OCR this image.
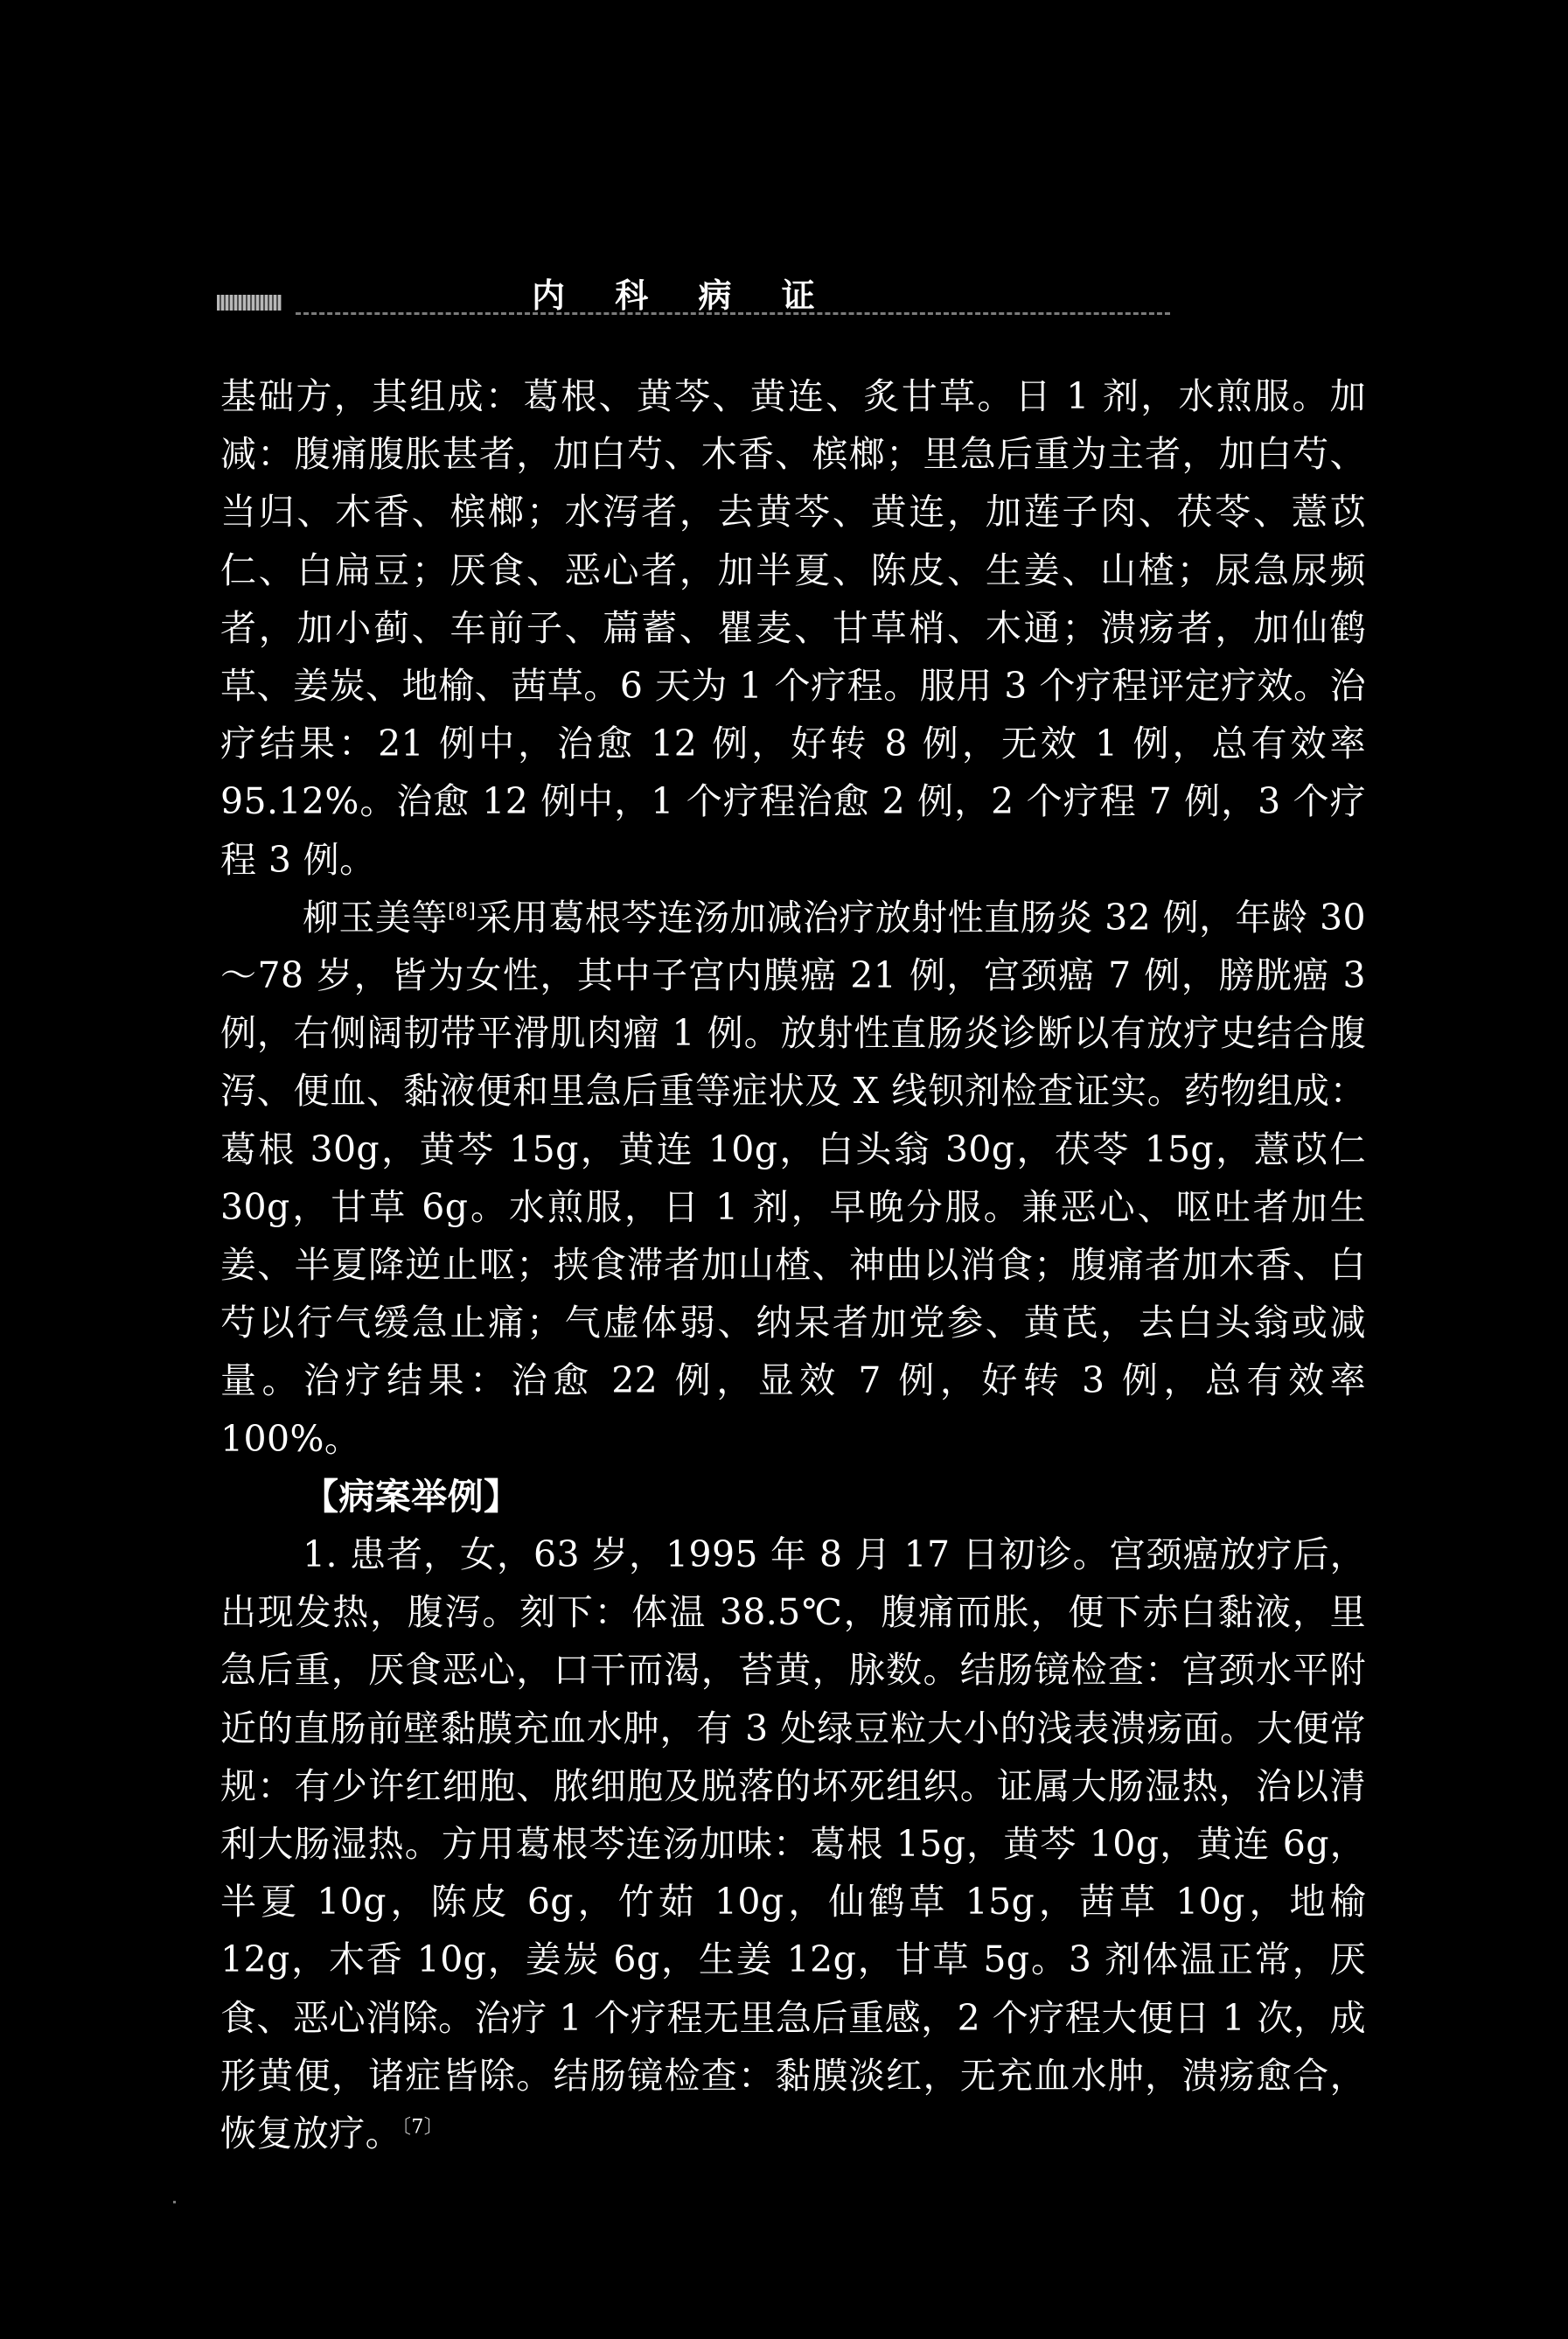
内 科 病 证

基础方，其组成：葛根、黄芩、黄连、炙甘草。日 1 剂，水煎服。加减：腹痛腹胀甚者，加白芍、木香、槟榔；里急后重为主者，加白芍、当归、木香、槟榔；水泻者，去黄芩、黄连，加莲子肉、茯苓、薏苡仁、白扁豆；厌食、恶心者，加半夏、陈皮、生姜、山楂；尿急尿频者，加小蓟、车前子、萹蓄、瞿麦、甘草梢、木通；溃疡者，加仙鹤草、姜炭、地榆、茜草。6 天为 1 个疗程。服用 3 个疗程评定疗效。治疗结果：21 例中，治愈 12 例，好转 8 例，无效 1 例，总有效率 95.12%。治愈 12 例中，1 个疗程治愈 2 例，2 个疗程 7 例，3 个疗程 3 例。

柳玉美等[8]采用葛根芩连汤加减治疗放射性直肠炎 32 例，年龄 30～78 岁，皆为女性，其中子宫内膜癌 21 例，宫颈癌 7 例，膀胱癌 3 例，右侧阔韧带平滑肌肉瘤 1 例。放射性直肠炎诊断以有放疗史结合腹泻、便血、黏液便和里急后重等症状及 X 线钡剂检查证实。药物组成：葛根 30g，黄芩 15g，黄连 10g，白头翁 30g，茯苓 15g，薏苡仁 30g，甘草 6g。水煎服，日 1 剂，早晚分服。兼恶心、呕吐者加生姜、半夏降逆止呕；挟食滞者加山楂、神曲以消食；腹痛者加木香、白芍以行气缓急止痛；气虚体弱、纳呆者加党参、黄芪，去白头翁或减量。治疗结果：治愈 22 例，显效 7 例，好转 3 例，总有效率 100%。

【病案举例】

1. 患者，女，63 岁，1995 年 8 月 17 日初诊。宫颈癌放疗后，出现发热，腹泻。刻下：体温 38.5℃，腹痛而胀，便下赤白黏液，里急后重，厌食恶心，口干而渴，苔黄，脉数。结肠镜检查：宫颈水平附近的直肠前壁黏膜充血水肿，有 3 处绿豆粒大小的浅表溃疡面。大便常规：有少许红细胞、脓细胞及脱落的坏死组织。证属大肠湿热，治以清利大肠湿热。方用葛根芩连汤加味：葛根 15g，黄芩 10g，黄连 6g，半夏 10g，陈皮 6g，竹茹 10g，仙鹤草 15g，茜草 10g，地榆 12g，木香 10g，姜炭 6g，生姜 12g，甘草 5g。3 剂体温正常，厌食、恶心消除。治疗 1 个疗程无里急后重感，2 个疗程大便日 1 次，成形黄便，诸症皆除。结肠镜检查：黏膜淡红，无充血水肿，溃疡愈合，恢复放疗。$^{〔7〕}$
